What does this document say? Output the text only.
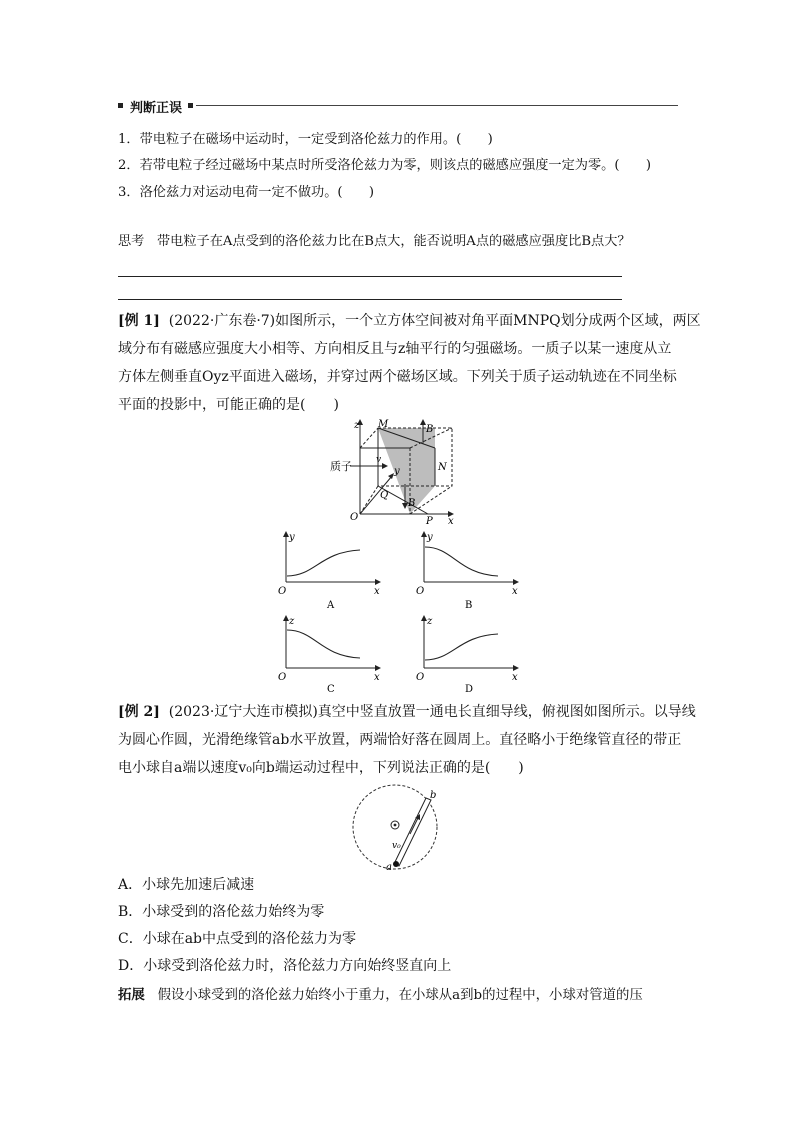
判断正误
1．带电粒子在磁场中运动时，一定受到洛伦兹力的作用。(　　)
2．若带电粒子经过磁场中某点时所受洛伦兹力为零，则该点的磁感应强度一定为零。(　　)
3．洛伦兹力对运动电荷一定不做功。(　　)
思考 带电粒子在A点受到的洛伦兹力比在B点大，能否说明A点的磁感应强度比B点大？
[例 1] (2022·广东卷·7)如图所示，一个立方体空间被对角平面MNPQ划分成两个区域，两区
域分布有磁感应强度大小相等、方向相反且与z轴平行的匀强磁场。一质子以某一速度从立
方体左侧垂直Oyz平面进入磁场，并穿过两个磁场区域。下列关于质子运动轨迹在不同坐标
平面的投影中，可能正确的是(　　)
z M	B
N
质子	v
y
Q
B
O	P x
y
O	x
A
y
O	x
B
z
O	x
C
z
O	x
D
[例 2] (2023·辽宁大连市模拟)真空中竖直放置一通电长直细导线，俯视图如图所示。以导线
为圆心作圆，光滑绝缘管ab水平放置，两端恰好落在圆周上。直径略小于绝缘管直径的带正
电小球自a端以速度v₀向b端运动过程中，下列说法正确的是(　　)
b
a
v₀
A．小球先加速后减速
B．小球受到的洛伦兹力始终为零
C．小球在ab中点受到的洛伦兹力为零
D．小球受到洛伦兹力时，洛伦兹力方向始终竖直向上
拓展 假设小球受到的洛伦兹力始终小于重力，在小球从a到b的过程中，小球对管道的压
